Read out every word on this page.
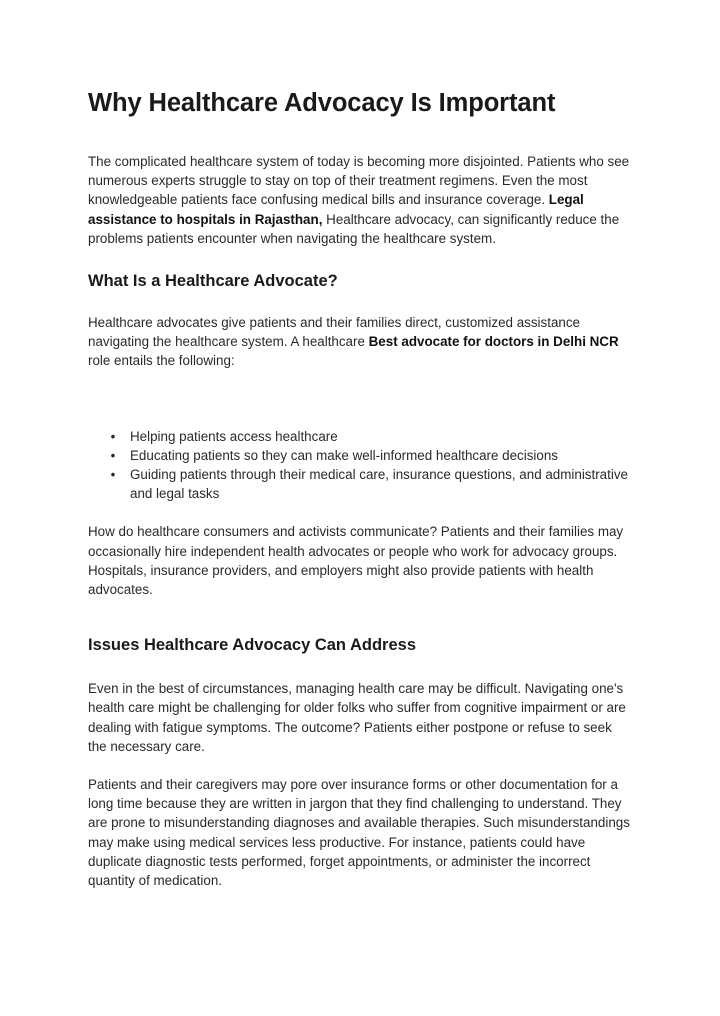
Why Healthcare Advocacy Is Important

The complicated healthcare system of today is becoming more disjointed. Patients who see numerous experts struggle to stay on top of their treatment regimens. Even the most knowledgeable patients face confusing medical bills and insurance coverage. Legal assistance to hospitals in Rajasthan, Healthcare advocacy, can significantly reduce the problems patients encounter when navigating the healthcare system.

What Is a Healthcare Advocate?

Healthcare advocates give patients and their families direct, customized assistance navigating the healthcare system. A healthcare Best advocate for doctors in Delhi NCR role entails the following:

• Helping patients access healthcare
• Educating patients so they can make well-informed healthcare decisions
• Guiding patients through their medical care, insurance questions, and administrative and legal tasks

How do healthcare consumers and activists communicate? Patients and their families may occasionally hire independent health advocates or people who work for advocacy groups. Hospitals, insurance providers, and employers might also provide patients with health advocates.

Issues Healthcare Advocacy Can Address

Even in the best of circumstances, managing health care may be difficult. Navigating one's health care might be challenging for older folks who suffer from cognitive impairment or are dealing with fatigue symptoms. The outcome? Patients either postpone or refuse to seek the necessary care.

Patients and their caregivers may pore over insurance forms or other documentation for a long time because they are written in jargon that they find challenging to understand. They are prone to misunderstanding diagnoses and available therapies. Such misunderstandings may make using medical services less productive. For instance, patients could have duplicate diagnostic tests performed, forget appointments, or administer the incorrect quantity of medication.
